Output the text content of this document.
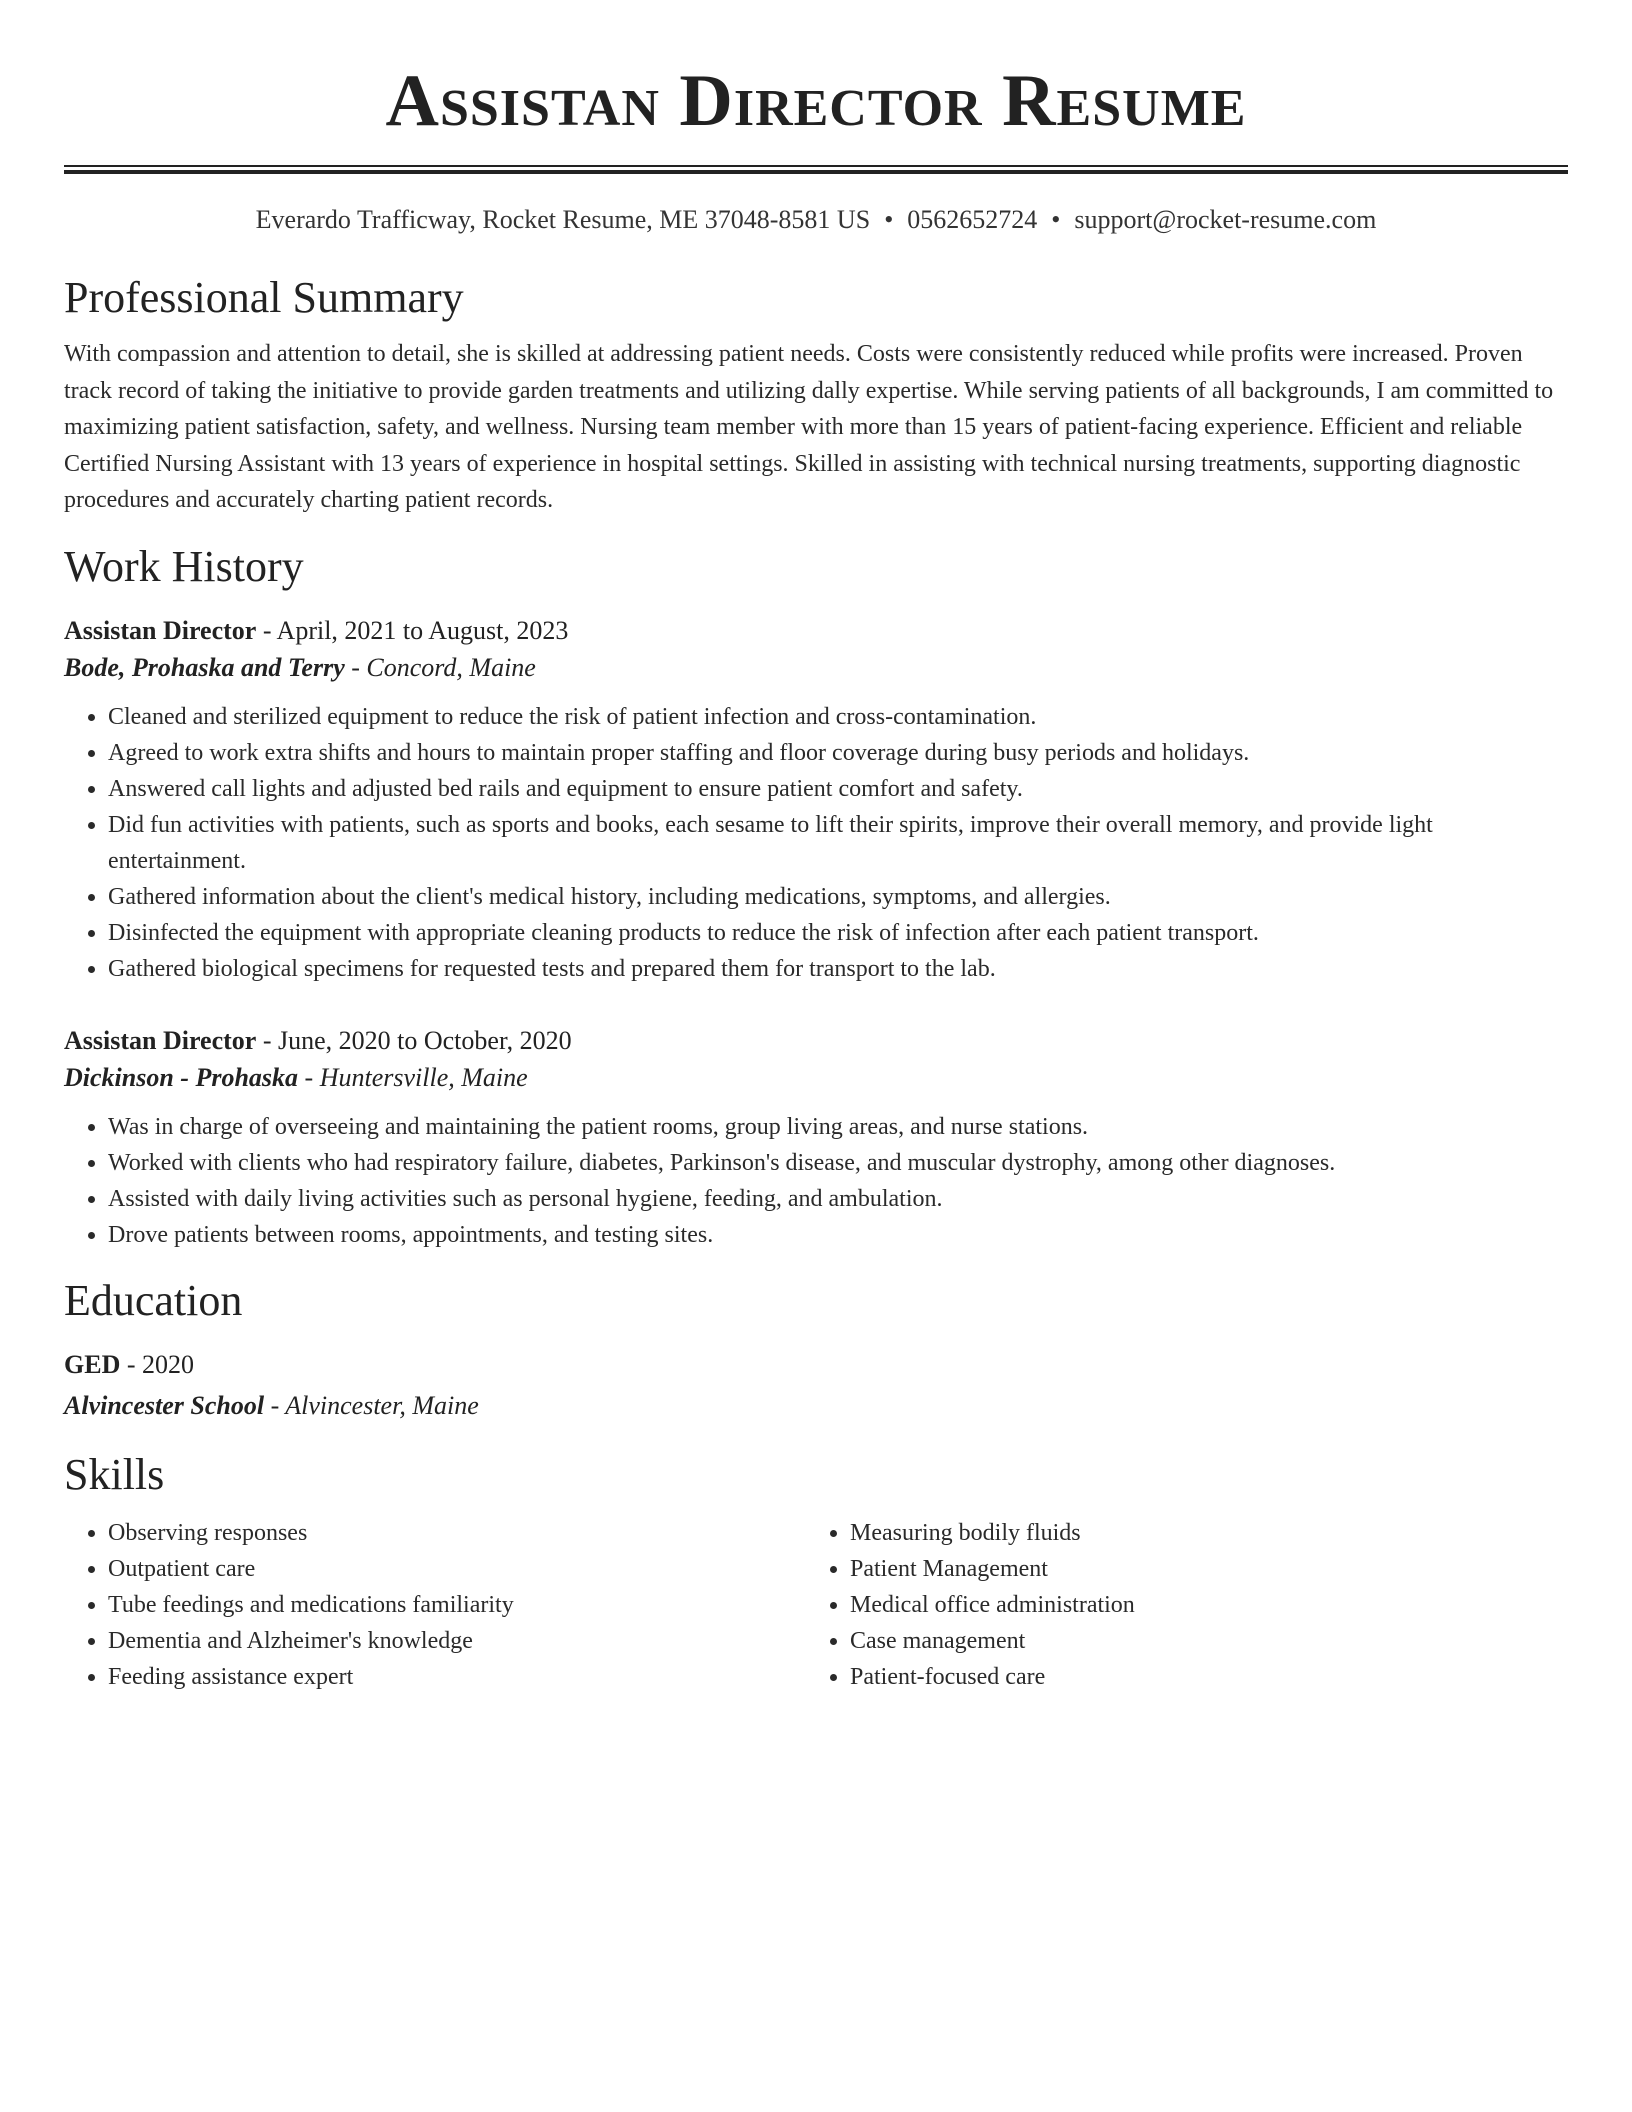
Assistan Director Resume
Everardo Trafficway, Rocket Resume, ME 37048-8581 US • 0562652724 • support@rocket-resume.com
Professional Summary

With compassion and attention to detail, she is skilled at addressing patient needs. Costs were consistently reduced while profits were increased. Proven track record of taking the initiative to provide garden treatments and utilizing dally expertise. While serving patients of all backgrounds, I am committed to maximizing patient satisfaction, safety, and wellness. Nursing team member with more than 15 years of patient-facing experience. Efficient and reliable Certified Nursing Assistant with 13 years of experience in hospital settings. Skilled in assisting with technical nursing treatments, supporting diagnostic procedures and accurately charting patient records.

Work History
Assistan Director - April, 2021 to August, 2023
Bode, Prohaska and Terry - Concord, Maine
• Cleaned and sterilized equipment to reduce the risk of patient infection and cross-contamination.
• Agreed to work extra shifts and hours to maintain proper staffing and floor coverage during busy periods and holidays.
• Answered call lights and adjusted bed rails and equipment to ensure patient comfort and safety.
• Did fun activities with patients, such as sports and books, each sesame to lift their spirits, improve their overall memory, and provide light entertainment.
• Gathered information about the client's medical history, including medications, symptoms, and allergies.
• Disinfected the equipment with appropriate cleaning products to reduce the risk of infection after each patient transport.
• Gathered biological specimens for requested tests and prepared them for transport to the lab.
Assistan Director - June, 2020 to October, 2020
Dickinson - Prohaska - Huntersville, Maine
• Was in charge of overseeing and maintaining the patient rooms, group living areas, and nurse stations.
• Worked with clients who had respiratory failure, diabetes, Parkinson's disease, and muscular dystrophy, among other diagnoses.
• Assisted with daily living activities such as personal hygiene, feeding, and ambulation.
• Drove patients between rooms, appointments, and testing sites.
Education
GED - 2020
Alvincester School - Alvincester, Maine
Skills
• Observing responses
• Outpatient care
• Tube feedings and medications familiarity
• Dementia and Alzheimer's knowledge
• Feeding assistance expert
• Measuring bodily fluids
• Patient Management
• Medical office administration
• Case management
• Patient-focused care
